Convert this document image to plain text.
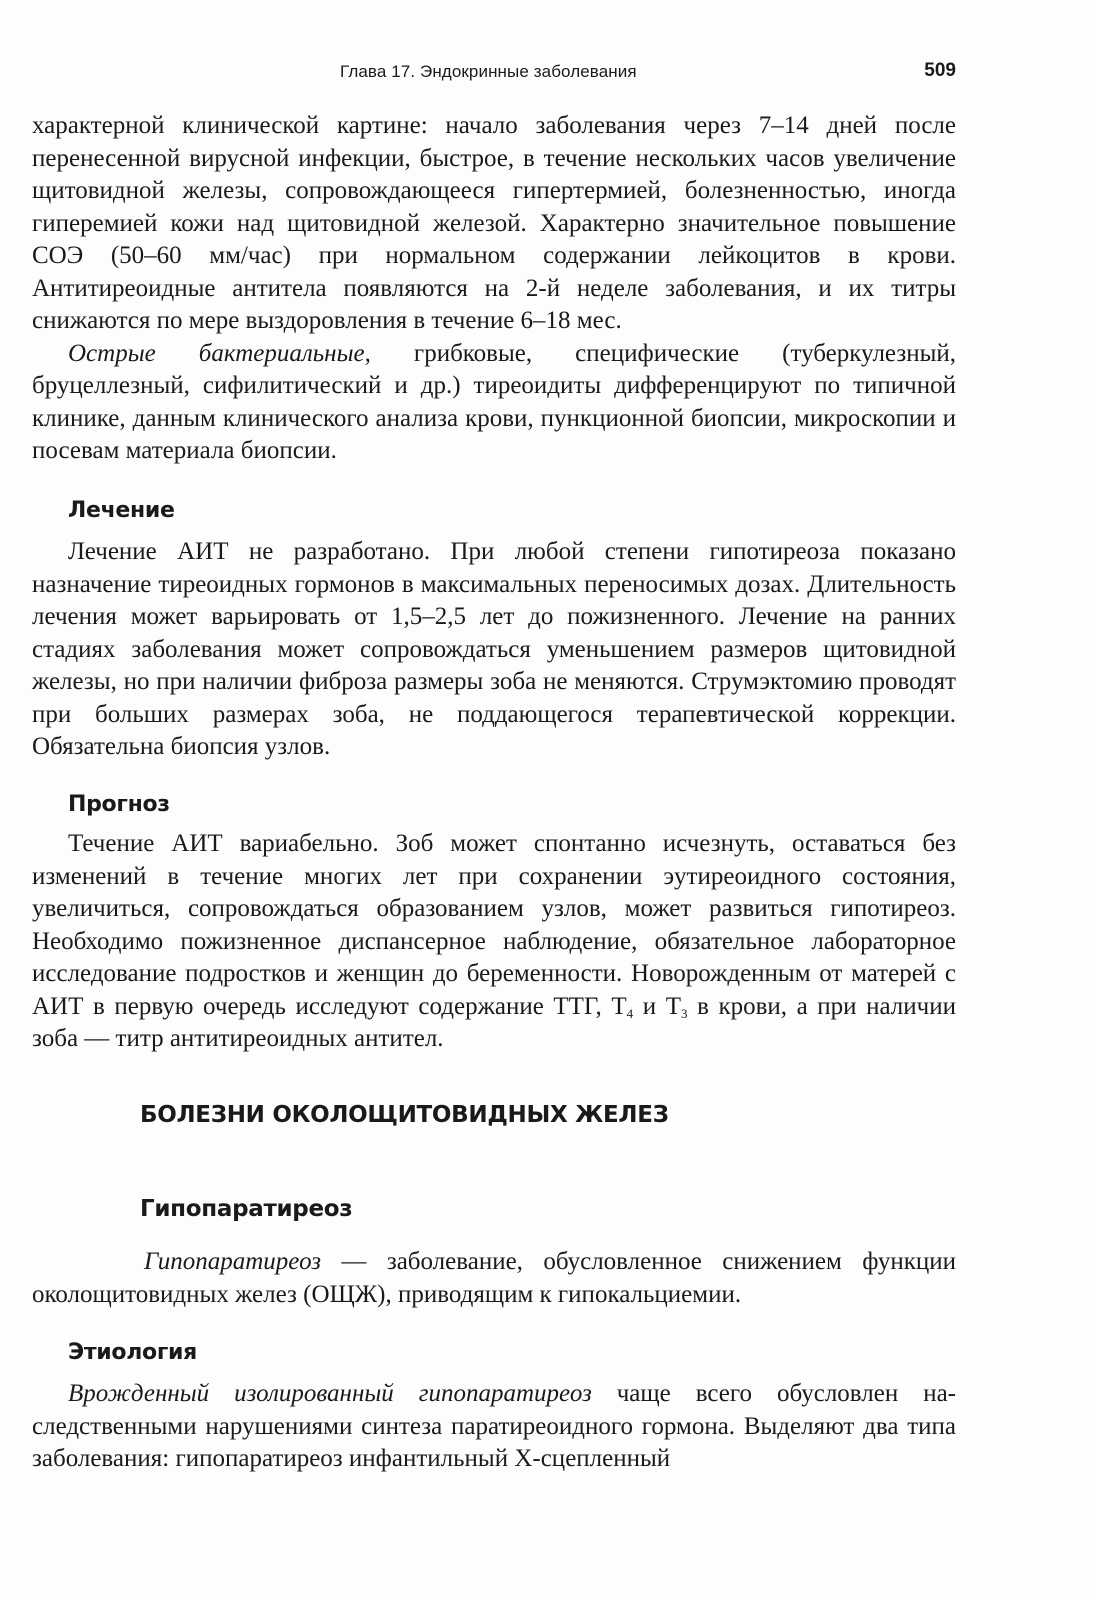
Глава 17. Эндокринные заболевания	509

характерной клинической картине: начало заболевания через 7–14 дней после перенесенной вирусной инфекции, быстрое, в течение нескольких часов увеличение щитовидной железы, сопровождающееся гипертермией, болезненностью, иногда гиперемией кожи над щитовидной железой. Характерно значительное повышение СОЭ (50–60 мм/час) при нормальном содержании лейкоцитов в крови. Антитиреоидные антитела появляются на 2-й неделе заболевания, и их титры снижаются по мере выздоровления в течение 6–18 мес.

Острые бактериальные, грибковые, специфические (туберкулезный, бруцеллезный, сифилитический и др.) тиреоидиты дифференцируют по типичной клинике, данным клинического анализа крови, пункционной биопсии, микроскопии и посевам материала биопсии.

Лечение

Лечение АИТ не разработано. При любой степени гипотиреоза показано назначение тиреоидных гормонов в максимальных переносимых дозах. Длительность лечения может варьировать от 1,5–2,5 лет до пожизненного. Лечение на ранних стадиях заболевания может сопровождаться уменьшением размеров щитовидной железы, но при наличии фиброза размеры зоба не меняются. Струмэктомию проводят при больших размерах зоба, не поддающегося терапевтической коррекции. Обязательна биопсия узлов.

Прогноз

Течение АИТ вариабельно. Зоб может спонтанно исчезнуть, оставаться без изменений в течение многих лет при сохранении эутиреоидного состояния, увеличиться, сопровождаться образованием узлов, может развиться гипотиреоз. Необходимо пожизненное диспансерное наблюдение, обязательное лабораторное исследование подростков и женщин до беременности. Новорожденным от матерей с АИТ в первую очередь исследуют содержание ТТГ, $Т_4$ и $Т_3$ в крови, а при наличии зоба — титр антитиреоидных антител.

БОЛЕЗНИ ОКОЛОЩИТОВИДНЫХ ЖЕЛЕЗ
Гипопаратиреоз

Гипопаратиреоз — заболевание, обусловленное снижением функции околощитовидных желез (ОЩЖ), приводящим к гипокальциемии.

Этиология

Врожденный изолированный гипопаратиреоз чаще всего обусловлен наследственными нарушениями синтеза паратиреоидного гормона. Выделяют два типа заболевания: гипопаратиреоз инфантильный Х-сцепленный
